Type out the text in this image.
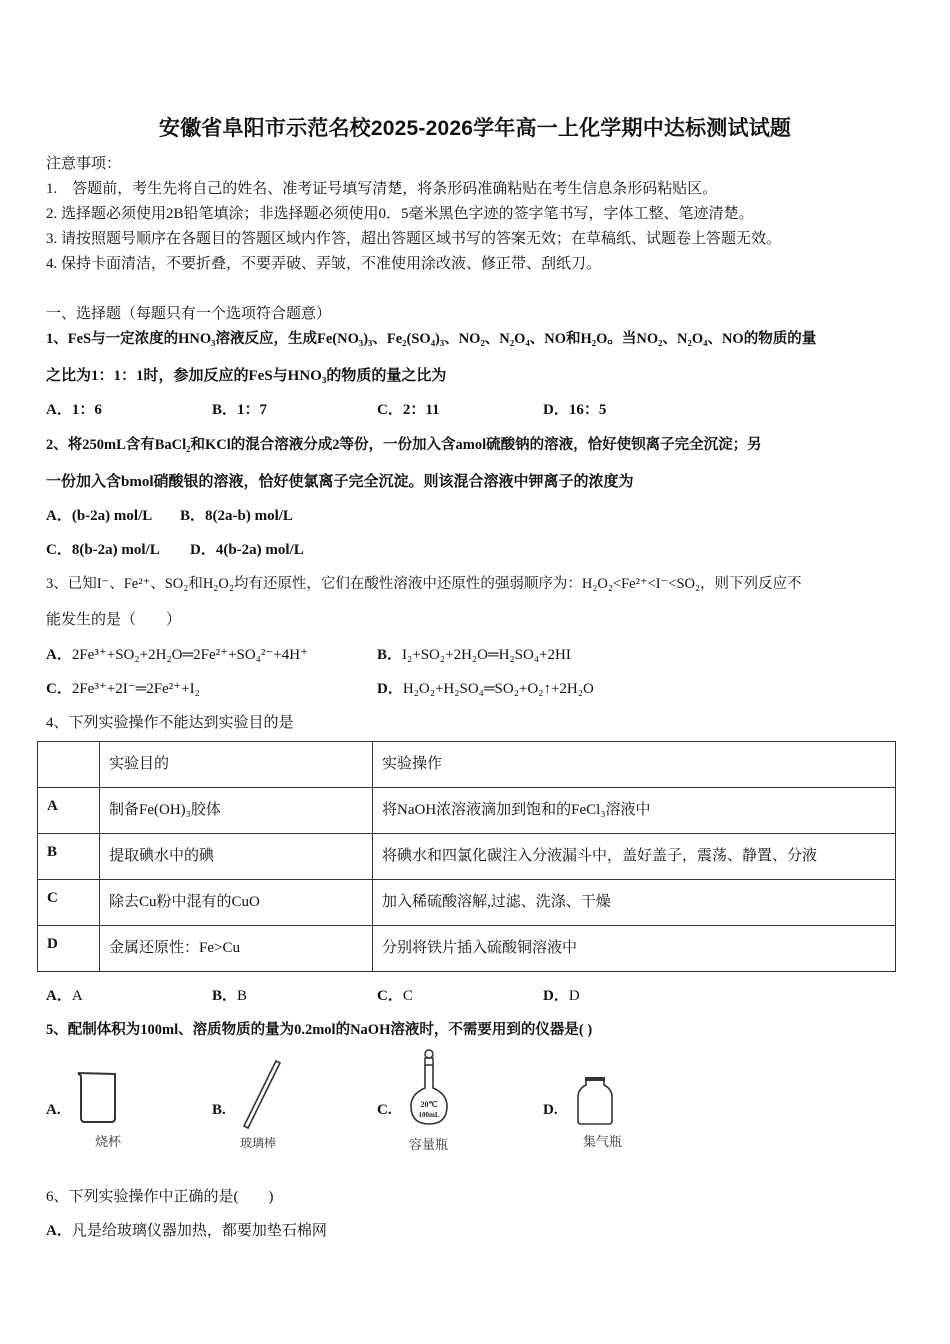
安徽省阜阳市示范名校2025-2026学年高一上化学期中达标测试试题
注意事项：
1.　答题前，考生先将自己的姓名、准考证号填写清楚，将条形码准确粘贴在考生信息条形码粘贴区。
2. 选择题必须使用2B铅笔填涂；非选择题必须使用0．5毫米黑色字迹的签字笔书写，字体工整、笔迹清楚。
3. 请按照题号顺序在各题目的答题区域内作答，超出答题区域书写的答案无效；在草稿纸、试题卷上答题无效。
4. 保持卡面清洁，不要折叠，不要弄破、弄皱，不准使用涂改液、修正带、刮纸刀。
一、选择题（每题只有一个选项符合题意）
1、FeS与一定浓度的HNO₃溶液反应，生成Fe(NO₃)₃、Fe₂(SO₄)₃、NO₂、N₂O₄、NO和H₂O。当NO₂、N₂O₄、NO的物质的量
之比为1：1：1时，参加反应的FeS与HNO₃的物质的量之比为
A．1：6	B．1：7	C．2：11	D．16：5
2、将250mL含有BaCl₂和KCl的混合溶液分成2等份，一份加入含amol硫酸钠的溶液，恰好使钡离子完全沉淀；另
一份加入含bmol硝酸银的溶液，恰好使氯离子完全沉淀。则该混合溶液中钾离子的浓度为
A．(b-2a) mol/L B．8(2a-b) mol/L
C．8(b-2a) mol/L D．4(b-2a) mol/L
3、已知I⁻、Fe²⁺、SO₂和H₂O₂均有还原性，它们在酸性溶液中还原性的强弱顺序为：H₂O₂<Fe²⁺<I⁻<SO₂，则下列反应不
能发生的是（　　）
A．2Fe³⁺+SO₂+2H₂O═2Fe²⁺+SO₄²⁻+4H⁺	B．I₂+SO₂+2H₂O═H₂SO₄+2HI
C．2Fe³⁺+2I⁻═2Fe²⁺+I₂	D．H₂O₂+H₂SO₄═SO₂+O₂↑+2H₂O
4、下列实验操作不能达到实验目的是
	实验目的	实验操作
A	制备Fe(OH)₃胶体	将NaOH浓溶液滴加到饱和的FeCl₃溶液中
B	提取碘水中的碘	将碘水和四氯化碳注入分液漏斗中，盖好盖子，震荡、静置、分液
C	除去Cu粉中混有的CuO	加入稀硫酸溶解,过滤、洗涤、干燥
D	金属还原性：Fe>Cu	分别将铁片插入硫酸铜溶液中
A．A	B．B	C．C	D．D
5、配制体积为100ml、溶质物质的量为0.2mol的NaOH溶液时，不需要用到的仪器是( )
A.
烧杯
B.
玻璃棒
C.	20℃
100mL
容量瓶
D.
集气瓶
6、下列实验操作中正确的是(　　)
A．凡是给玻璃仪器加热，都要加垫石棉网
